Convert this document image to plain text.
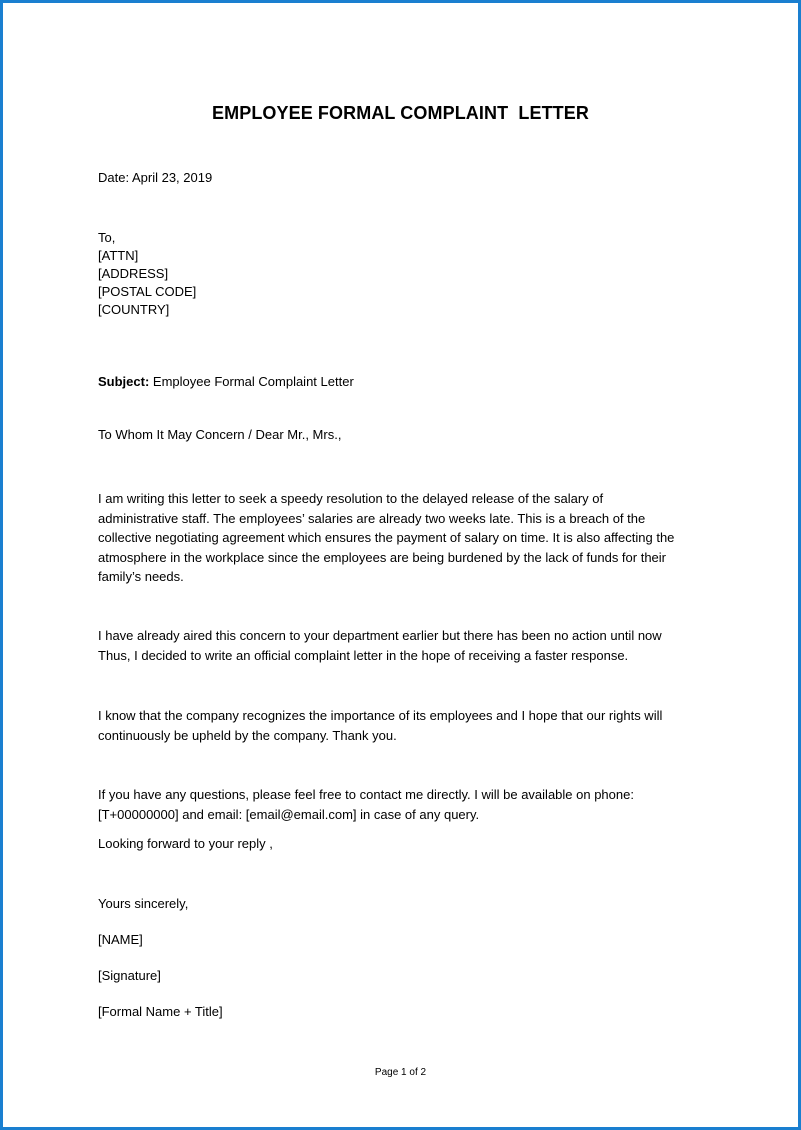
EMPLOYEE FORMAL COMPLAINT  LETTER
Date: April 23, 2019
To,
[ATTN]
[ADDRESS]
[POSTAL CODE]
[COUNTRY]
Subject: Employee Formal Complaint Letter
To Whom It May Concern / Dear Mr., Mrs.,
I am writing this letter to seek a speedy resolution to the delayed release of the salary of
administrative staff. The employees’ salaries are already two weeks late. This is a breach of the
collective negotiating agreement which ensures the payment of salary on time. It is also affecting the
atmosphere in the workplace since the employees are being burdened by the lack of funds for their
family’s needs.
I have already aired this concern to your department earlier but there has been no action until now
Thus, I decided to write an official complaint letter in the hope of receiving a faster response.
I know that the company recognizes the importance of its employees and I hope that our rights will
continuously be upheld by the company. Thank you.
If you have any questions, please feel free to contact me directly. I will be available on phone:
[T+00000000] and email: [email@email.com] in case of any query.
Looking forward to your reply ,
Yours sincerely,
[NAME]
[Signature]
[Formal Name + Title]
Page 1 of 2
